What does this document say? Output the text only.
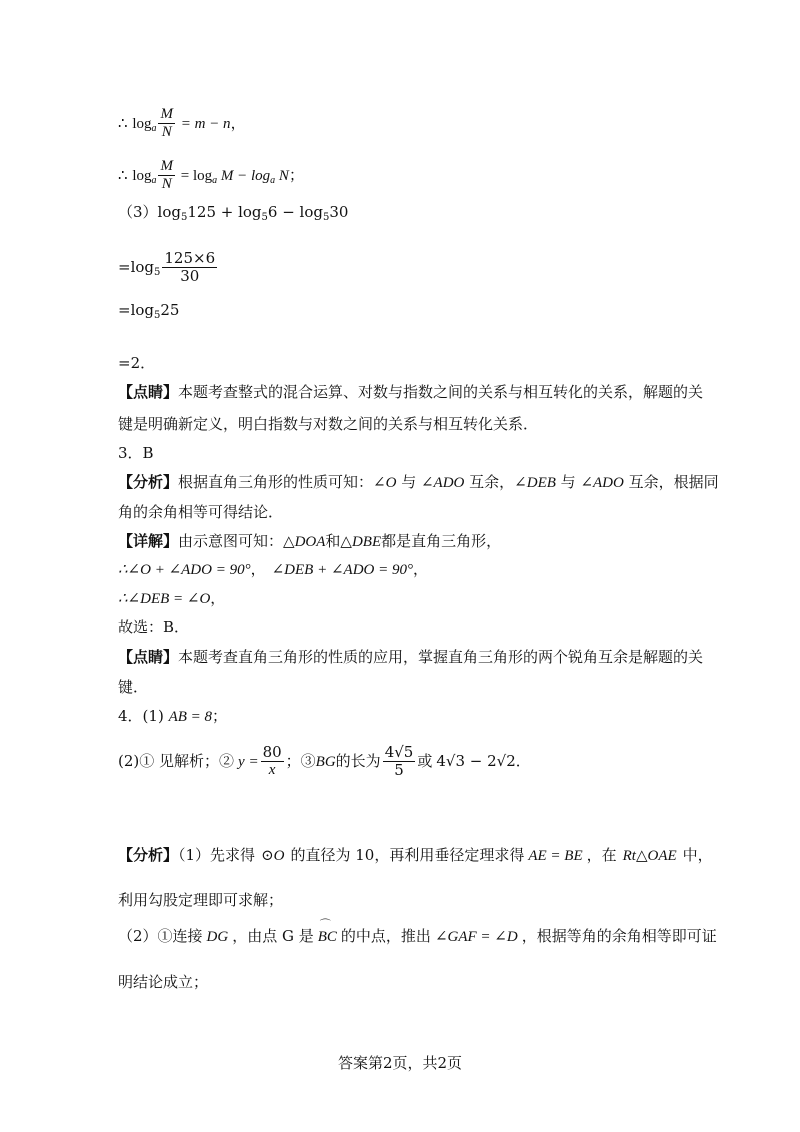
∴ $\log_a \frac{M}{N} = m - n$，
∴ $\log_a \frac{M}{N} = \log_a M - \log_a N$；
$(3)\log_5125 + \log_56 - \log_530$
$=\log_5 \frac{125\times 6}{30}$
$=\log_525$
=2．
【点睛】本题考查整式的混合运算、对数与指数之间的关系与相互转化的关系，解题的关
键是明确新定义，明白指数与对数之间的关系与相互转化关系．
3．B
【分析】根据直角三角形的性质可知：∠O 与 ∠ADO 互余，∠DEB 与 ∠ADO 互余，根据同
角的余角相等可得结论．
【详解】由示意图可知：△DOA和△DBE都是直角三角形，
∴∠O + ∠ADO = 90°， ∠DEB + ∠ADO = 90°，
∴∠DEB = ∠O，
故选：B．
【点睛】本题考查直角三角形的性质的应用，掌握直角三角形的两个锐角互余是解题的关
键．
4．(1) AB = 8；
(2)① 见解析；② $y = \frac{80}{x}$ ；③BG的长为 $\frac{4√5}{5}$ 或 4√3 − 2√2．
【分析】（1）先求得 ⊙O 的直径为 10，再利用垂径定理求得 AE = BE ，在 Rt△OAE 中，
利用勾股定理即可求解；
（2）①连接 DG ，由点 G 是
⌒
BC 的中点，推出 ∠GAF = ∠D ，根据等角的余角相等即可证
明结论成立；
答案第2页，共2页
